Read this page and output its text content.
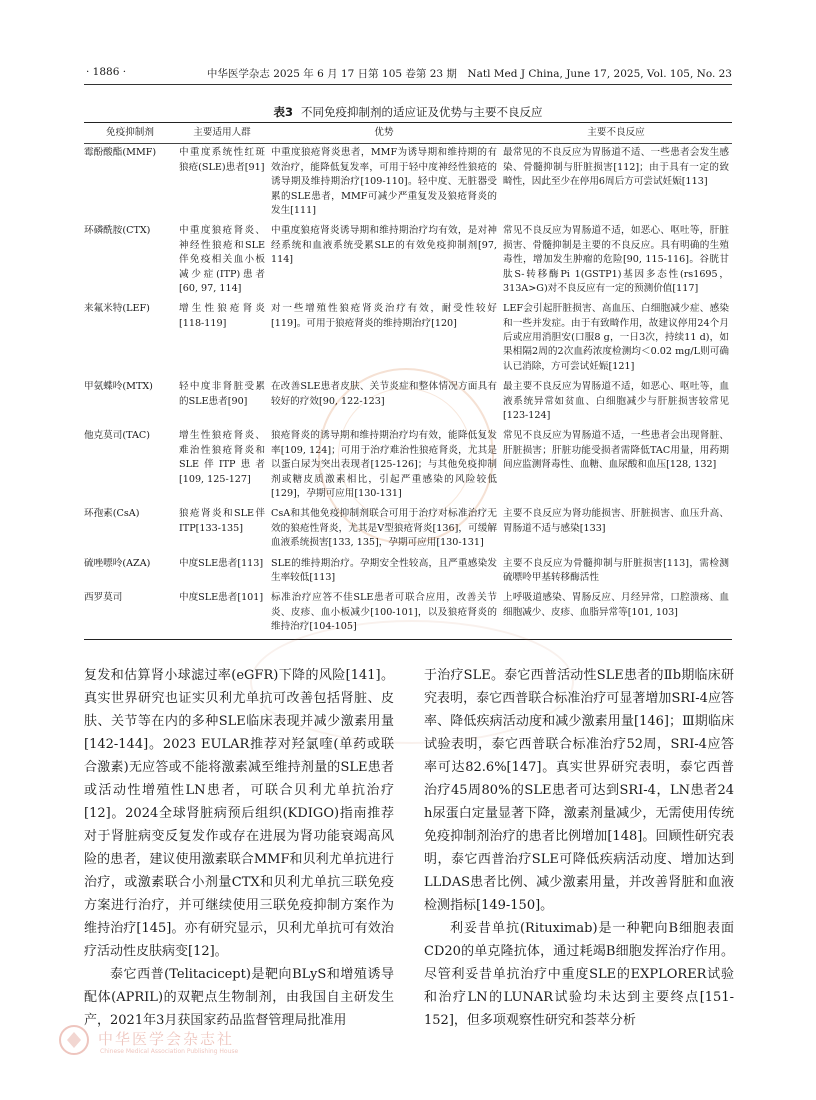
· 1886 ·	中华医学杂志 2025 年 6 月 17 日第 105 卷第 23 期　Natl Med J China, June 17, 2025, Vol. 105, No. 23
表3 不同免疫抑制剂的适应证及优势与主要不良反应
免疫抑制剂	主要适用人群	优势	主要不良反应
霉酚酸酯(MMF)	中重度系统性红斑狼疮(SLE)患者[91]	中重度狼疮肾炎患者，MMF为诱导期和维持期的有效治疗，能降低复发率，可用于轻中度神经性狼疮的诱导期及维持期治疗[109-110]。轻中度、无脏器受累的SLE患者，MMF可减少严重复发及狼疮肾炎的发生[111]	最常见的不良反应为胃肠道不适、一些患者会发生感染、骨髓抑制与肝脏损害[112]；由于具有一定的致畸性，因此至少在停用6周后方可尝试妊娠[113]
环磷酰胺(CTX)	中重度狼疮肾炎、神经性狼疮和SLE伴免疫相关血小板减少症(ITP)患者[60, 97, 114]	中重度狼疮肾炎诱导期和维持期治疗均有效，是对神经系统和血液系统受累SLE的有效免疫抑制剂[97, 114]	常见不良反应为胃肠道不适，如恶心、呕吐等，肝脏损害、骨髓抑制是主要的不良反应。具有明确的生殖毒性，增加发生肿瘤的危险[90, 115-116]。谷胱甘肽S-转移酶Pi 1(GSTP1)基因多态性(rs1695，313A>G)对不良反应有一定的预测价值[117]
来氟米特(LEF)	增生性狼疮肾炎[118-119]	对一些增殖性狼疮肾炎治疗有效，耐受性较好[119]。可用于狼疮肾炎的维持期治疗[120]	LEF会引起肝脏损害、高血压、白细胞减少症、感染和一些并发症。由于有致畸作用，故建议停用24个月后或应用消胆安(口服8 g，一日3次，持续11 d)，如果相隔2周的2次血药浓度检测均＜0.02 mg/L则可确认已消除，方可尝试妊娠[121]
甲氨蝶呤(MTX)	轻中度非肾脏受累的SLE患者[90]	在改善SLE患者皮肤、关节炎症和整体情况方面具有较好的疗效[90, 122-123]	最主要不良反应为胃肠道不适，如恶心、呕吐等，血液系统异常如贫血、白细胞减少与肝脏损害较常见[123-124]
他克莫司(TAC)	增生性狼疮肾炎、难治性狼疮肾炎和SLE伴ITP患者[109, 125-127]	狼疮肾炎的诱导期和维持期治疗均有效，能降低复发率[109, 124]；可用于治疗难治性狼疮肾炎，尤其是以蛋白尿为突出表现者[125-126]；与其他免疫抑制剂或糖皮质激素相比，引起严重感染的风险较低[129]，孕期可应用[130-131]	常见不良反应为胃肠道不适，一些患者会出现肾脏、肝脏损害；肝脏功能受损者需降低TAC用量，用药期间应监测肾毒性、血糖、血尿酸和血压[128, 132]
环孢素(CsA)	狼疮肾炎和SLE伴ITP[133-135]	CsA和其他免疫抑制剂联合可用于治疗对标准治疗无效的狼疮性肾炎，尤其是V型狼疮肾炎[136]，可缓解血液系统损害[133, 135]，孕期可应用[130-131]	主要不良反应为肾功能损害、肝脏损害、血压升高、胃肠道不适与感染[133]
硫唑嘌呤(AZA)	中度SLE患者[113]	SLE的维持期治疗。孕期安全性较高，且严重感染发生率较低[113]	主要不良反应为骨髓抑制与肝脏损害[113]，需检测硫嘌呤甲基转移酶活性
西罗莫司	中度SLE患者[101]	标准治疗应答不佳SLE患者可联合应用，改善关节炎、皮疹、血小板减少[100-101]，以及狼疮肾炎的维持治疗[104-105]	上呼吸道感染、胃肠反应、月经异常，口腔溃疡、血细胞减少、皮疹、血脂异常等[101, 103]

复发和估算肾小球滤过率(eGFR)下降的风险[141]。真实世界研究也证实贝利尤单抗可改善包括肾脏、皮肤、关节等在内的多种SLE临床表现并减少激素用量[142-144]。2023 EULAR推荐对羟氯喹(单药或联合激素)无应答或不能将激素减至维持剂量的SLE患者或活动性增殖性LN患者，可联合贝利尤单抗治疗[12]。2024全球肾脏病预后组织(KDIGO)指南推荐对于肾脏病变反复发作或存在进展为肾功能衰竭高风险的患者，建议使用激素联合MMF和贝利尤单抗进行治疗，或激素联合小剂量CTX和贝利尤单抗三联免疫方案进行治疗，并可继续使用三联免疫抑制方案作为维持治疗[145]。亦有研究显示，贝利尤单抗可有效治疗活动性皮肤病变[12]。

泰它西普(Telitacicept)是靶向BLyS和增殖诱导配体(APRIL)的双靶点生物制剂，由我国自主研发生产，2021年3月获国家药品监督管理局批准用

于治疗SLE。泰它西普活动性SLE患者的Ⅱb期临床研究表明，泰它西普联合标准治疗可显著增加SRI-4应答率、降低疾病活动度和减少激素用量[146]；Ⅲ期临床试验表明，泰它西普联合标准治疗52周，SRI-4应答率可达82.6%[147]。真实世界研究表明，泰它西普治疗45周80%的SLE患者可达到SRI-4，LN患者24 h尿蛋白定量显著下降，激素剂量减少，无需使用传统免疫抑制剂治疗的患者比例增加[148]。回顾性研究表明，泰它西普治疗SLE可降低疾病活动度、增加达到LLDAS患者比例、减少激素用量，并改善肾脏和血液检测指标[149-150]。

利妥昔单抗(Rituximab)是一种靶向B细胞表面CD20的单克隆抗体，通过耗竭B细胞发挥治疗作用。尽管利妥昔单抗治疗中重度SLE的EXPLORER试验和治疗LN的LUNAR试验均未达到主要终点[151-152]，但多项观察性研究和荟萃分析

中华医学会杂志社
Chinese Medical Association Publishing House
